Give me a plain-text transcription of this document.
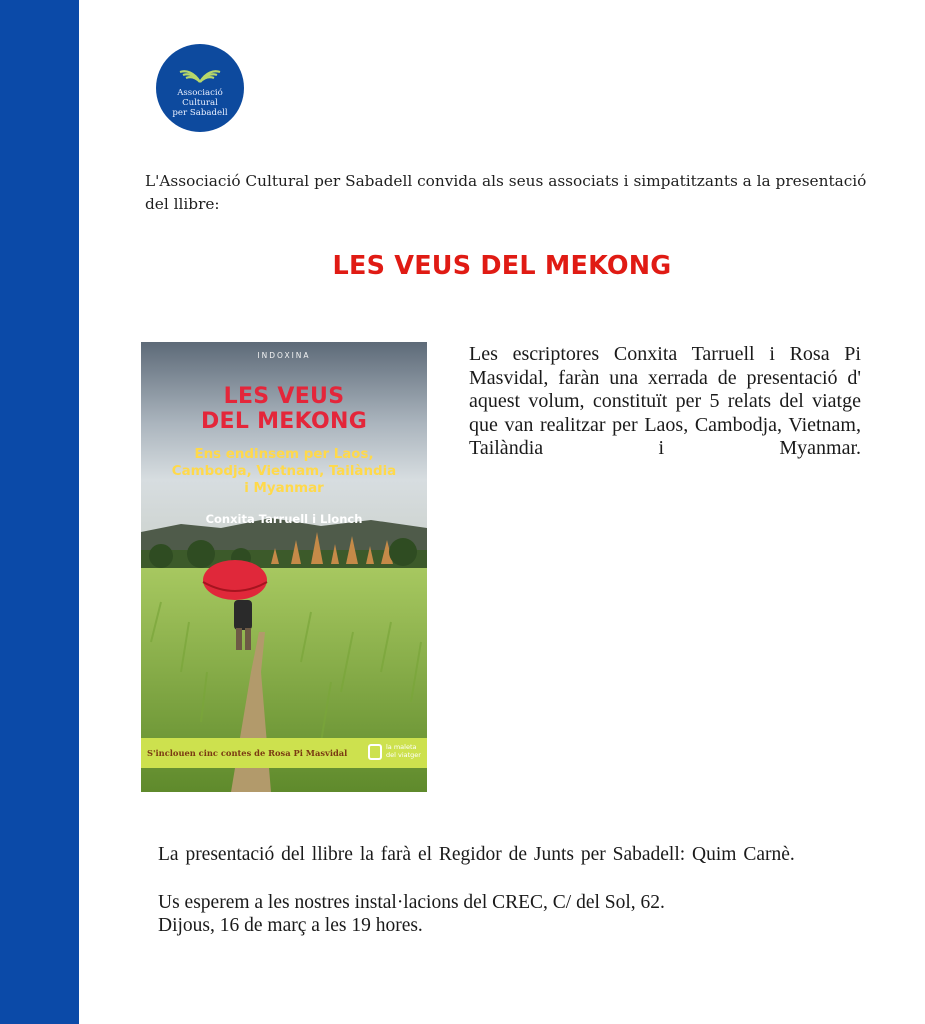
Associació Cultural
per Sabadell

L'Associació Cultural per Sabadell convida als seus associats i simpatitzants a la presentació del llibre:

LES VEUS DEL MEKONG
INDOXINA
LES VEUS
DEL MEKONG
Ens endinsem per Laos,
Cambodja, Vietnam, Tailàndia
i Myanmar
Conxita Tarruell i Llonch
S'inclouen cinc contes de Rosa Pi Masvidal
la maleta
del viatger

Les escriptores Conxita Tarruell i Rosa Pi Masvidal, faràn una xerrada de presentació d' aquest volum, constituït per 5 relats del viatge que van realitzar per Laos, Cambodja, Vietnam, Tailàndia i Myanmar.

La presentació del llibre la farà el Regidor de Junts per Sabadell: Quim Carnè.

Us esperem a les nostres instal·lacions del CREC, C/ del Sol, 62.

Dijous, 16 de març a les 19 hores.
